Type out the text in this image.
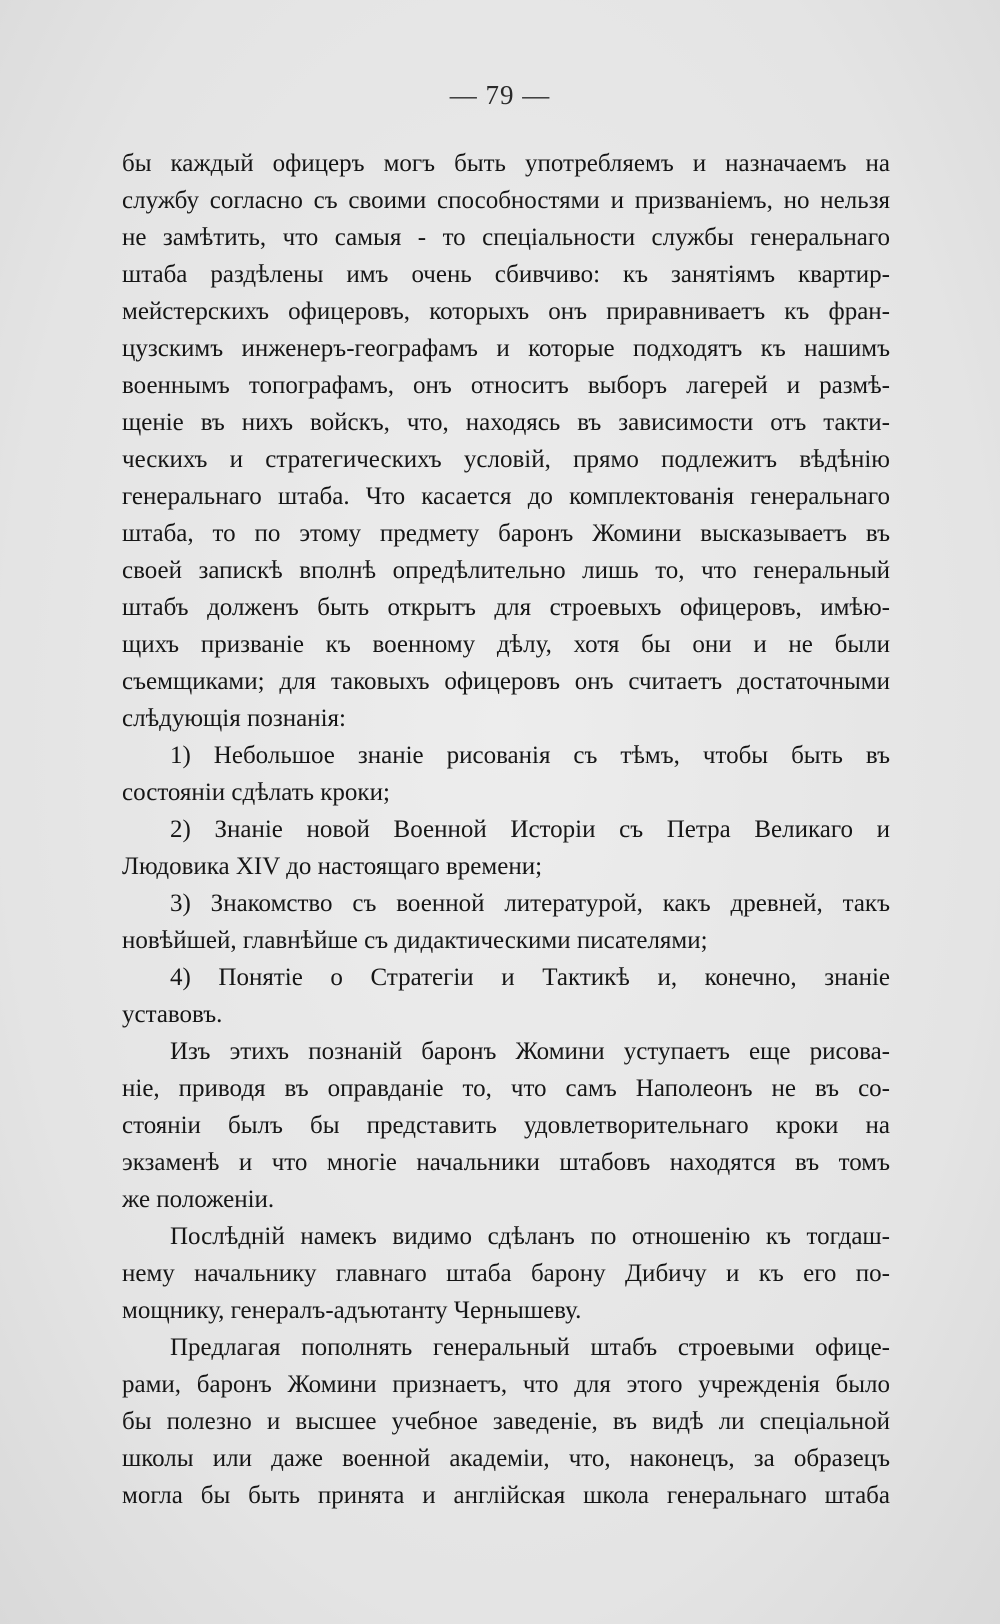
— 79 —
бы каждый офицеръ могъ быть употребляемъ и назначаемъ на
службу согласно съ своими способностями и призваніемъ, но нельзя
не замѣтить, что самыя - то спеціальности службы генеральнаго
штаба раздѣлены имъ очень сбивчиво: къ занятіямъ квартир-
мейстерскихъ офицеровъ, которыхъ онъ приравниваетъ къ фран-
цузскимъ инженеръ-географамъ и которые подходятъ къ нашимъ
военнымъ топографамъ, онъ относитъ выборъ лагерей и размѣ-
щеніе въ нихъ войскъ, что, находясь въ зависимости отъ такти-
ческихъ и стратегическихъ условій, прямо подлежитъ вѣдѣнію
генеральнаго штаба. Что касается до комплектованія генеральнаго
штаба, то по этому предмету баронъ Жомини высказываетъ въ
своей запискѣ вполнѣ опредѣлительно лишь то, что генеральный
штабъ долженъ быть открытъ для строевыхъ офицеровъ, имѣю-
щихъ призваніе къ военному дѣлу, хотя бы они и не были
съемщиками; для таковыхъ офицеровъ онъ считаетъ достаточными
слѣдующія познанія:
1) Небольшое знаніе рисованія съ тѣмъ, чтобы быть въ
состояніи сдѣлать кроки;
2) Знаніе новой Военной Исторіи съ Петра Великаго и
Людовика XIV до настоящаго времени;
3) Знакомство съ военной литературой, какъ древней, такъ
новѣйшей, главнѣйше съ дидактическими писателями;
4) Понятіе о Стратегіи и Тактикѣ и, конечно, знаніе
уставовъ.
Изъ этихъ познаній баронъ Жомини уступаетъ еще рисова-
ніе, приводя въ оправданіе то, что самъ Наполеонъ не въ со-
стояніи былъ бы представить удовлетворительнаго кроки на
экзаменѣ и что многіе начальники штабовъ находятся въ томъ
же положеніи.
Послѣдній намекъ видимо сдѣланъ по отношенію къ тогдаш-
нему начальнику главнаго штаба барону Дибичу и къ его по-
мощнику, генералъ-адъютанту Чернышеву.
Предлагая пополнять генеральный штабъ строевыми офице-
рами, баронъ Жомини признаетъ, что для этого учрежденія было
бы полезно и высшее учебное заведеніе, въ видѣ ли спеціальной
школы или даже военной академіи, что, наконецъ, за образецъ
могла бы быть принята и англійская школа генеральнаго штаба
